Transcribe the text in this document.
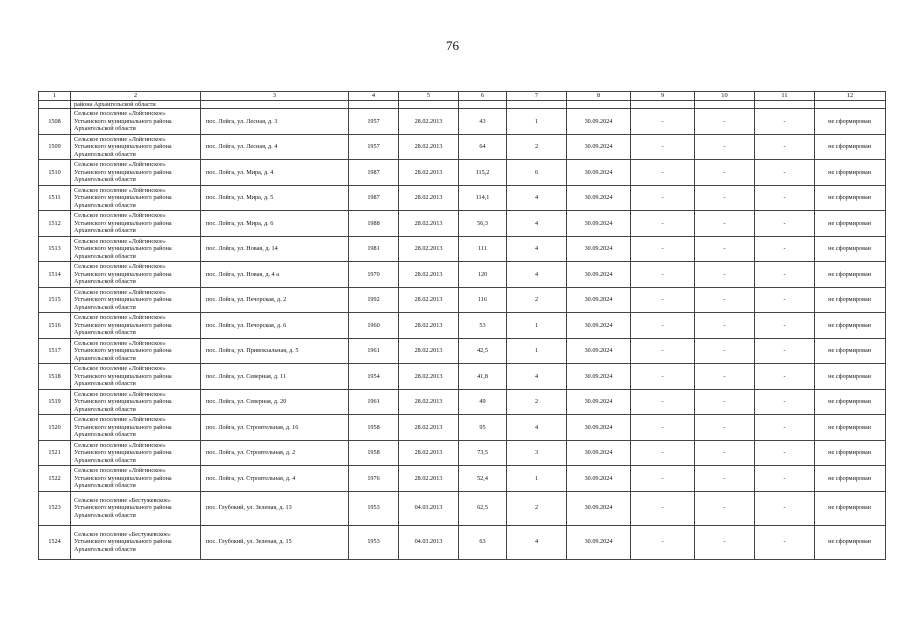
76
1	2	3	4	5	6	7	8	9	10	11	12
	района Архангельской области										
1508	Сельское поселение «Лойгинское» Устьянского муниципального района Архангельской области	пос. Лойга, ул. Лесная, д. 3	1957	28.02.2013	43	1	30.09.2024	-	-	-	не сформирован
1509	Сельское поселение «Лойгинское» Устьянского муниципального района Архангельской области	пос. Лойга, ул. Лесная, д. 4	1957	28.02.2013	64	2	30.09.2024	-	-	-	не сформирован
1510	Сельское поселение «Лойгинское» Устьянского муниципального района Архангельской области	пос. Лойга, ул. Мира, д. 4	1987	28.02.2013	115,2	6	30.09.2024	-	-	-	не сформирован
1511	Сельское поселение «Лойгинское» Устьянского муниципального района Архангельской области	пос. Лойга, ул. Мира, д. 5	1987	28.02.2013	114,1	4	30.09.2024	-	-	-	не сформирован
1512	Сельское поселение «Лойгинское» Устьянского муниципального района Архангельской области	пос. Лойга, ул. Мира, д. 6	1988	28.02.2013	56,3	4	30.09.2024	-	-	-	не сформирован
1513	Сельское поселение «Лойгинское» Устьянского муниципального района Архангельской области	пос. Лойга, ул. Новая, д. 14	1981	28.02.2013	111	4	30.09.2024	-	-	-	не сформирован
1514	Сельское поселение «Лойгинское» Устьянского муниципального района Архангельской области	пос. Лойга, ул. Новая, д. 4 а	1970	28.02.2013	120	4	30.09.2024	-	-	-	не сформирован
1515	Сельское поселение «Лойгинское» Устьянского муниципального района Архангельской области	пос. Лойга, ул. Печорская, д. 2	1992	28.02.2013	116	2	30.09.2024	-	-	-	не сформирован
1516	Сельское поселение «Лойгинское» Устьянского муниципального района Архангельской области	пос. Лойга, ул. Печорская, д. 6	1960	28.02.2013	53	1	30.09.2024	-	-	-	не сформирован
1517	Сельское поселение «Лойгинское» Устьянского муниципального района Архангельской области	пос. Лойга, ул. Привокзальная, д. 5	1961	28.02.2013	42,5	1	30.09.2024	-	-	-	не сформирован
1518	Сельское поселение «Лойгинское» Устьянского муниципального района Архангельской области	пос. Лойга, ул. Северная, д. 11	1954	28.02.2013	41,8	4	30.09.2024	-	-	-	не сформирован
1519	Сельское поселение «Лойгинское» Устьянского муниципального района Архангельской области	пос. Лойга, ул. Северная, д. 20	1961	28.02.2013	49	2	30.09.2024	-	-	-	не сформирован
1520	Сельское поселение «Лойгинское» Устьянского муниципального района Архангельской области	пос. Лойга, ул. Строительная, д. 16	1958	28.02.2013	95	4	30.09.2024	-	-	-	не сформирован
1521	Сельское поселение «Лойгинское» Устьянского муниципального района Архангельской области	пос. Лойга, ул. Строительная, д. 2	1958	28.02.2013	73,5	3	30.09.2024	-	-	-	не сформирован
1522	Сельское поселение «Лойгинское» Устьянского муниципального района Архангельской области	пос. Лойга, ул. Строительная, д. 4	1976	28.02.2013	52,4	1	30.09.2024	-	-	-	не сформирован
1523	Сельское поселение «Бестужевское» Устьянского муниципального района Архангельской области	пос. Глубокий, ул. Зеленая, д. 13	1953	04.03.2013	62,5	2	30.09.2024	-	-	-	не сформирован
1524	Сельское поселение «Бестужевское» Устьянского муниципального района Архангельской области	пос. Глубокий, ул. Зеленая, д. 15	1953	04.03.2013	63	4	30.09.2024	-	-	-	не сформирован
